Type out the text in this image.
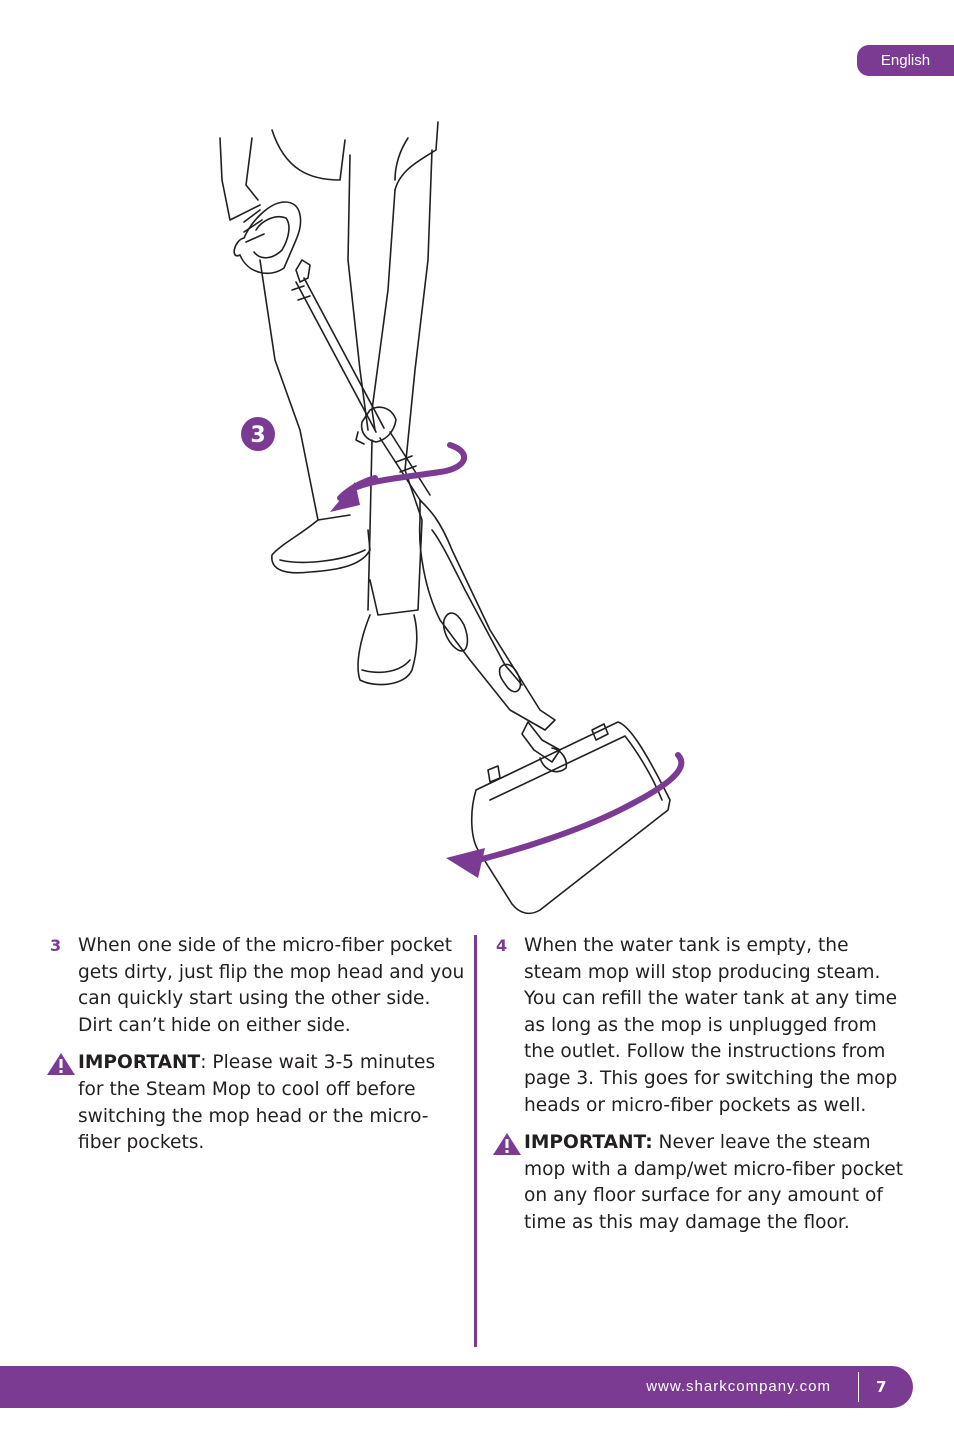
English
3

3 When one side of the micro-fiber pocket gets dirty, just flip the mop head and you can quickly start using the other side. Dirt can’t hide on either side.

IMPORTANT: Please wait 3-5 minutes for the Steam Mop to cool off before switching the mop head or the micro-fiber pockets.

4 When the water tank is empty, the steam mop will stop producing steam. You can refill the water tank at any time as long as the mop is unplugged from the outlet. Follow the instructions from page 3. This goes for switching the mop heads or micro-fiber pockets as well.

IMPORTANT: Never leave the steam mop with a damp/wet micro-fiber pocket on any floor surface for any amount of time as this may damage the floor.

www.sharkcompany.com	7
